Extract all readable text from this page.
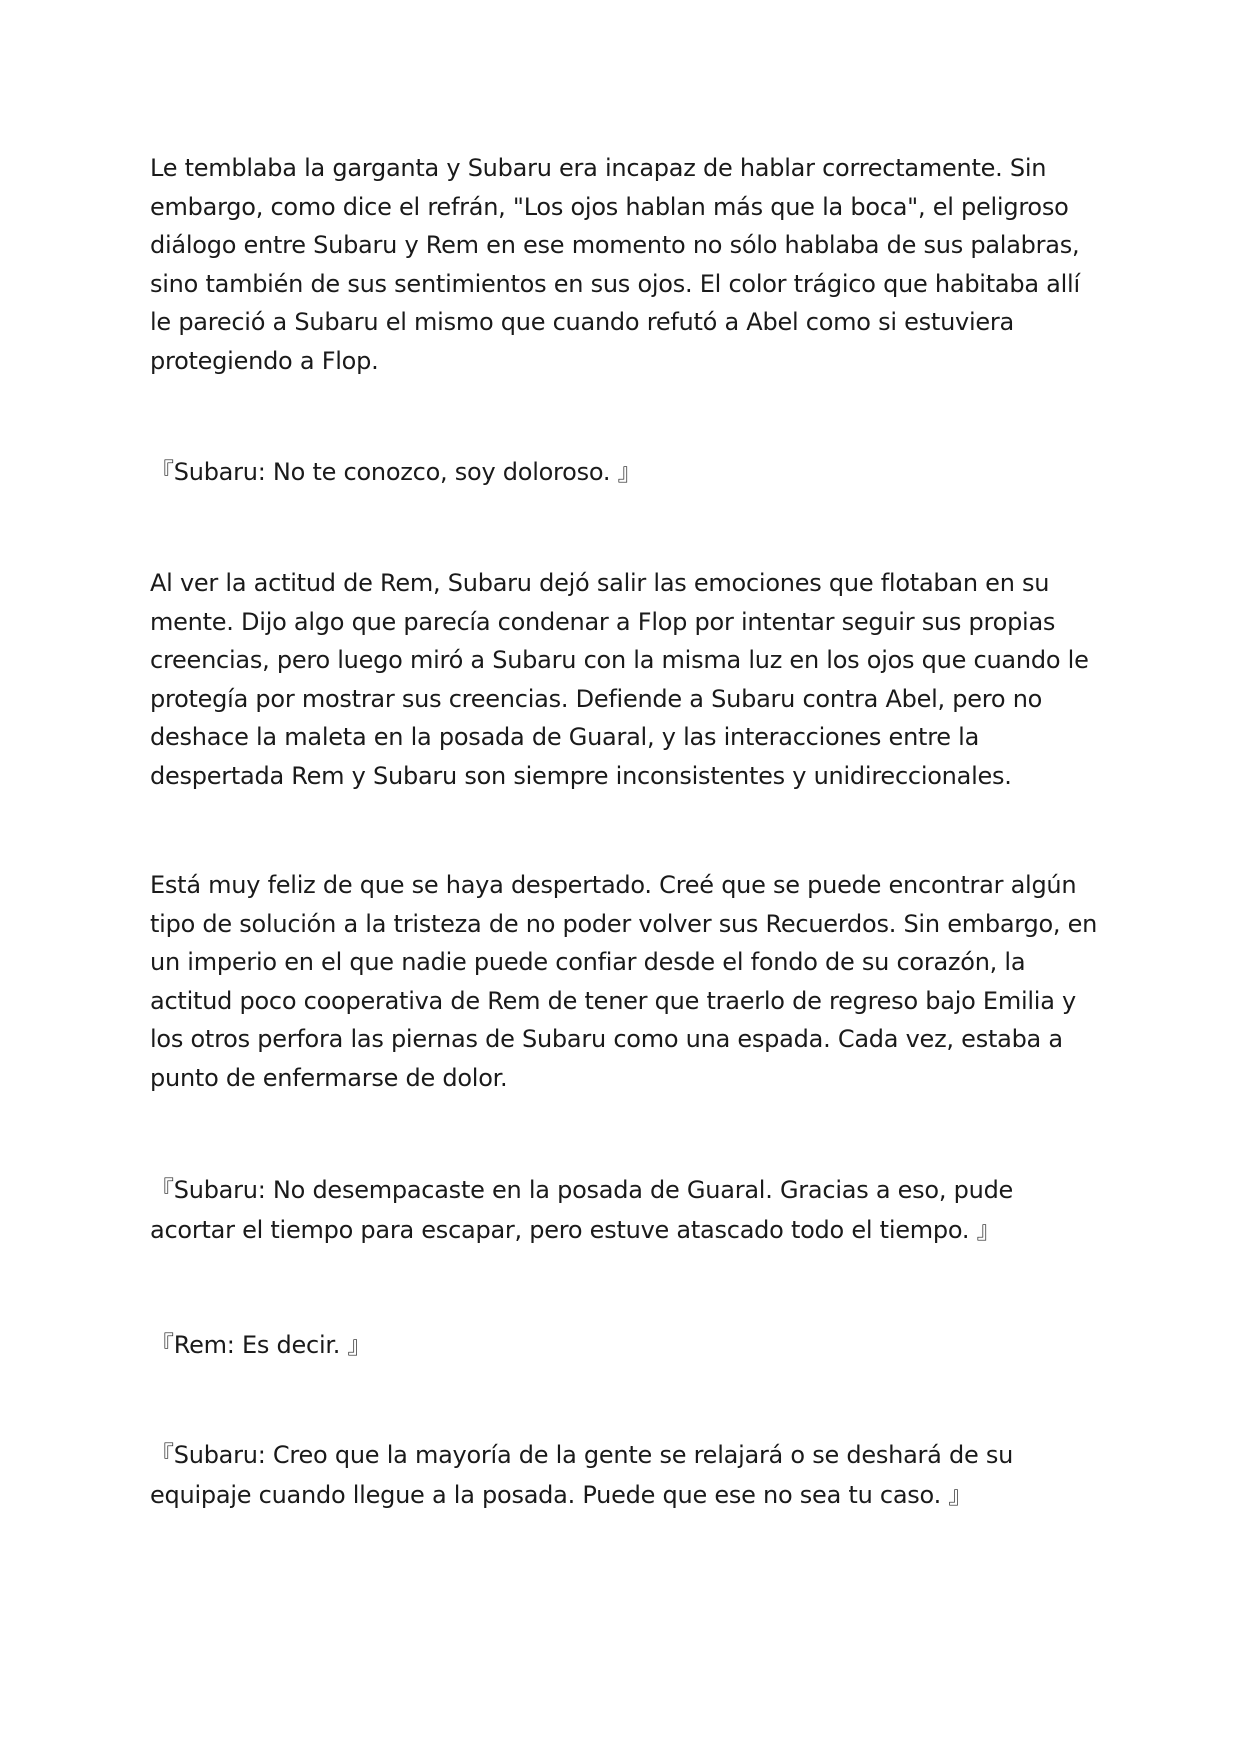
Le temblaba la garganta y Subaru era incapaz de hablar correctamente. Sin embargo, como dice el refrán, "Los ojos hablan más que la boca", el peligroso diálogo entre Subaru y Rem en ese momento no sólo hablaba de sus palabras, sino también de sus sentimientos en sus ojos. El color trágico que habitaba allí le pareció a Subaru el mismo que cuando refutó a Abel como si estuviera protegiendo a Flop.

『Subaru: No te conozco, soy doloroso. 』

Al ver la actitud de Rem, Subaru dejó salir las emociones que flotaban en su mente. Dijo algo que parecía condenar a Flop por intentar seguir sus propias creencias, pero luego miró a Subaru con la misma luz en los ojos que cuando le protegía por mostrar sus creencias. Defiende a Subaru contra Abel, pero no deshace la maleta en la posada de Guaral, y las interacciones entre la despertada Rem y Subaru son siempre inconsistentes y unidireccionales.

Está muy feliz de que se haya despertado. Creé que se puede encontrar algún tipo de solución a la tristeza de no poder volver sus Recuerdos. Sin embargo, en un imperio en el que nadie puede confiar desde el fondo de su corazón, la actitud poco cooperativa de Rem de tener que traerlo de regreso bajo Emilia y los otros perfora las piernas de Subaru como una espada. Cada vez, estaba a punto de enfermarse de dolor.

『Subaru: No desempacaste en la posada de Guaral. Gracias a eso, pude acortar el tiempo para escapar, pero estuve atascado todo el tiempo. 』

『Rem: Es decir. 』

『Subaru: Creo que la mayoría de la gente se relajará o se deshará de su equipaje cuando llegue a la posada. Puede que ese no sea tu caso. 』
